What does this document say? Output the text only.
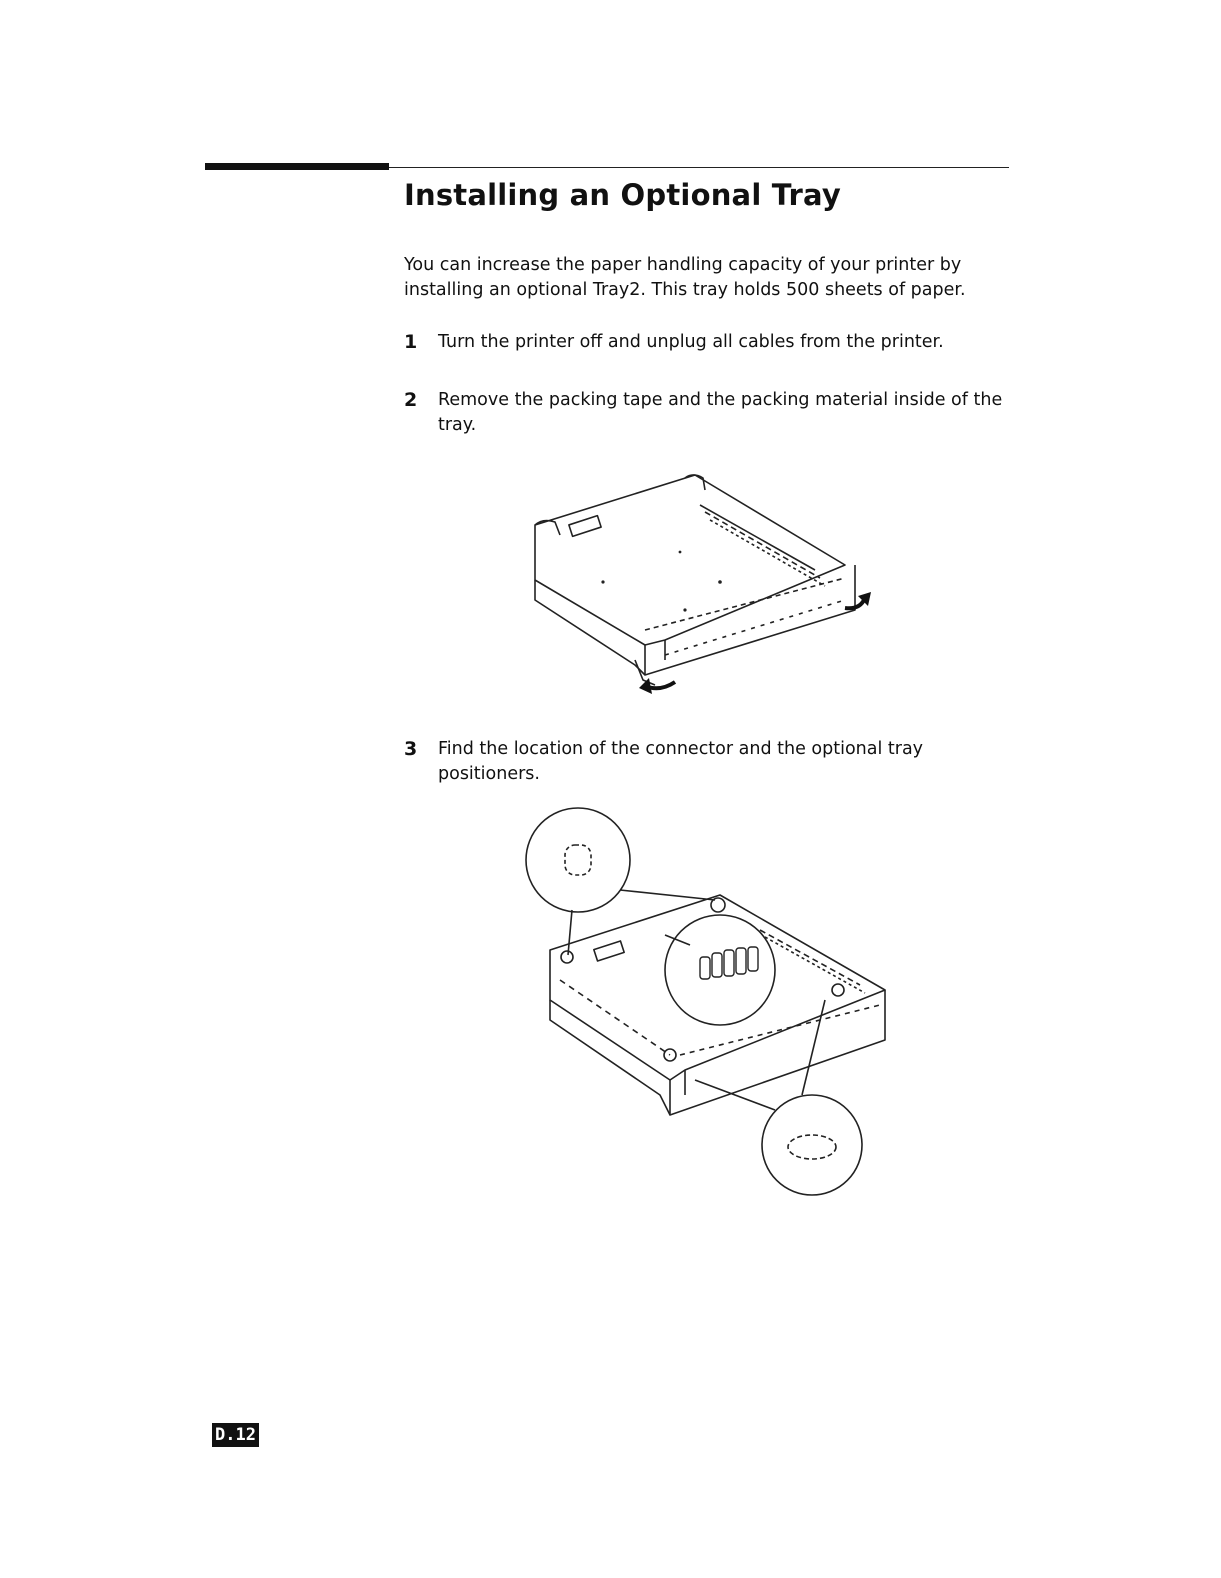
Installing an Optional Tray
You can increase the paper handling capacity of your printer by installing an optional Tray2. This tray holds 500 sheets of paper.
1 Turn the printer off and unplug all cables from the printer.
2 Remove the packing tape and the packing material inside of the tray.
3 Find the location of the connector and the optional tray positioners.
D.12
